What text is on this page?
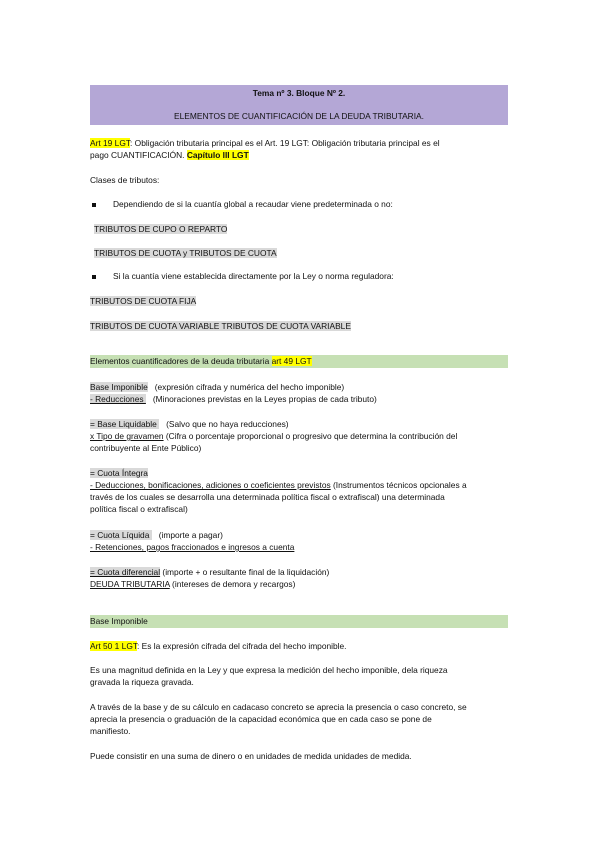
Tema nº 3. Bloque Nº 2.
ELEMENTOS DE CUANTIFICACIÓN DE LA DEUDA TRIBUTARIA.
Art 19 LGT: Obligación tributaria principal es el Art. 19 LGT: Obligación tributaria principal es el
pago CUANTIFICACIÓN. Capítulo III LGT
Clases de tributos:
Dependiendo de si la cuantía global a recaudar viene predeterminada o no:
TRIBUTOS DE CUPO O REPARTO
TRIBUTOS DE CUOTA y TRIBUTOS DE CUOTA
Si la cuantía viene establecida directamente por la Ley o norma reguladora:
TRIBUTOS DE CUOTA FIJA
TRIBUTOS DE CUOTA VARIABLE TRIBUTOS DE CUOTA VARIABLE
Elementos cuantificadores de la deuda tributaria art 49 LGT
Base Imponible (expresión cifrada y numérica del hecho imponible)
- Reducciones    (Minoraciones previstas en la Leyes propias de cada tributo)
= Base Liquidable    (Salvo que no haya reducciones)
x Tipo de gravamen (Cifra o porcentaje proporcional o progresivo que determina la contribución del
contribuyente al Ente Público)
= Cuota Íntegra
- Deducciones, bonificaciones, adiciones o coeficientes previstos (Instrumentos técnicos opcionales a
través de los cuales se desarrolla una determinada política fiscal o extrafiscal) una determinada
política fiscal o extrafiscal)
= Cuota Líquida    (importe a pagar)
- Retenciones, pagos fraccionados e ingresos a cuenta
= Cuota diferencial (importe + o resultante final de la liquidación)
DEUDA TRIBUTARIA (intereses de demora y recargos)
Base Imponible
Art 50 1 LGT: Es la expresión cifrada del cifrada del hecho imponible.
Es una magnitud definida en la Ley y que expresa la medición del hecho imponible, dela riqueza
gravada la riqueza gravada.
A través de la base y de su cálculo en cadacaso concreto se aprecia la presencia o caso concreto, se
aprecia la presencia o graduación de la capacidad económica que en cada caso se pone de
manifiesto.
Puede consistir en una suma de dinero o en unidades de medida unidades de medida.
